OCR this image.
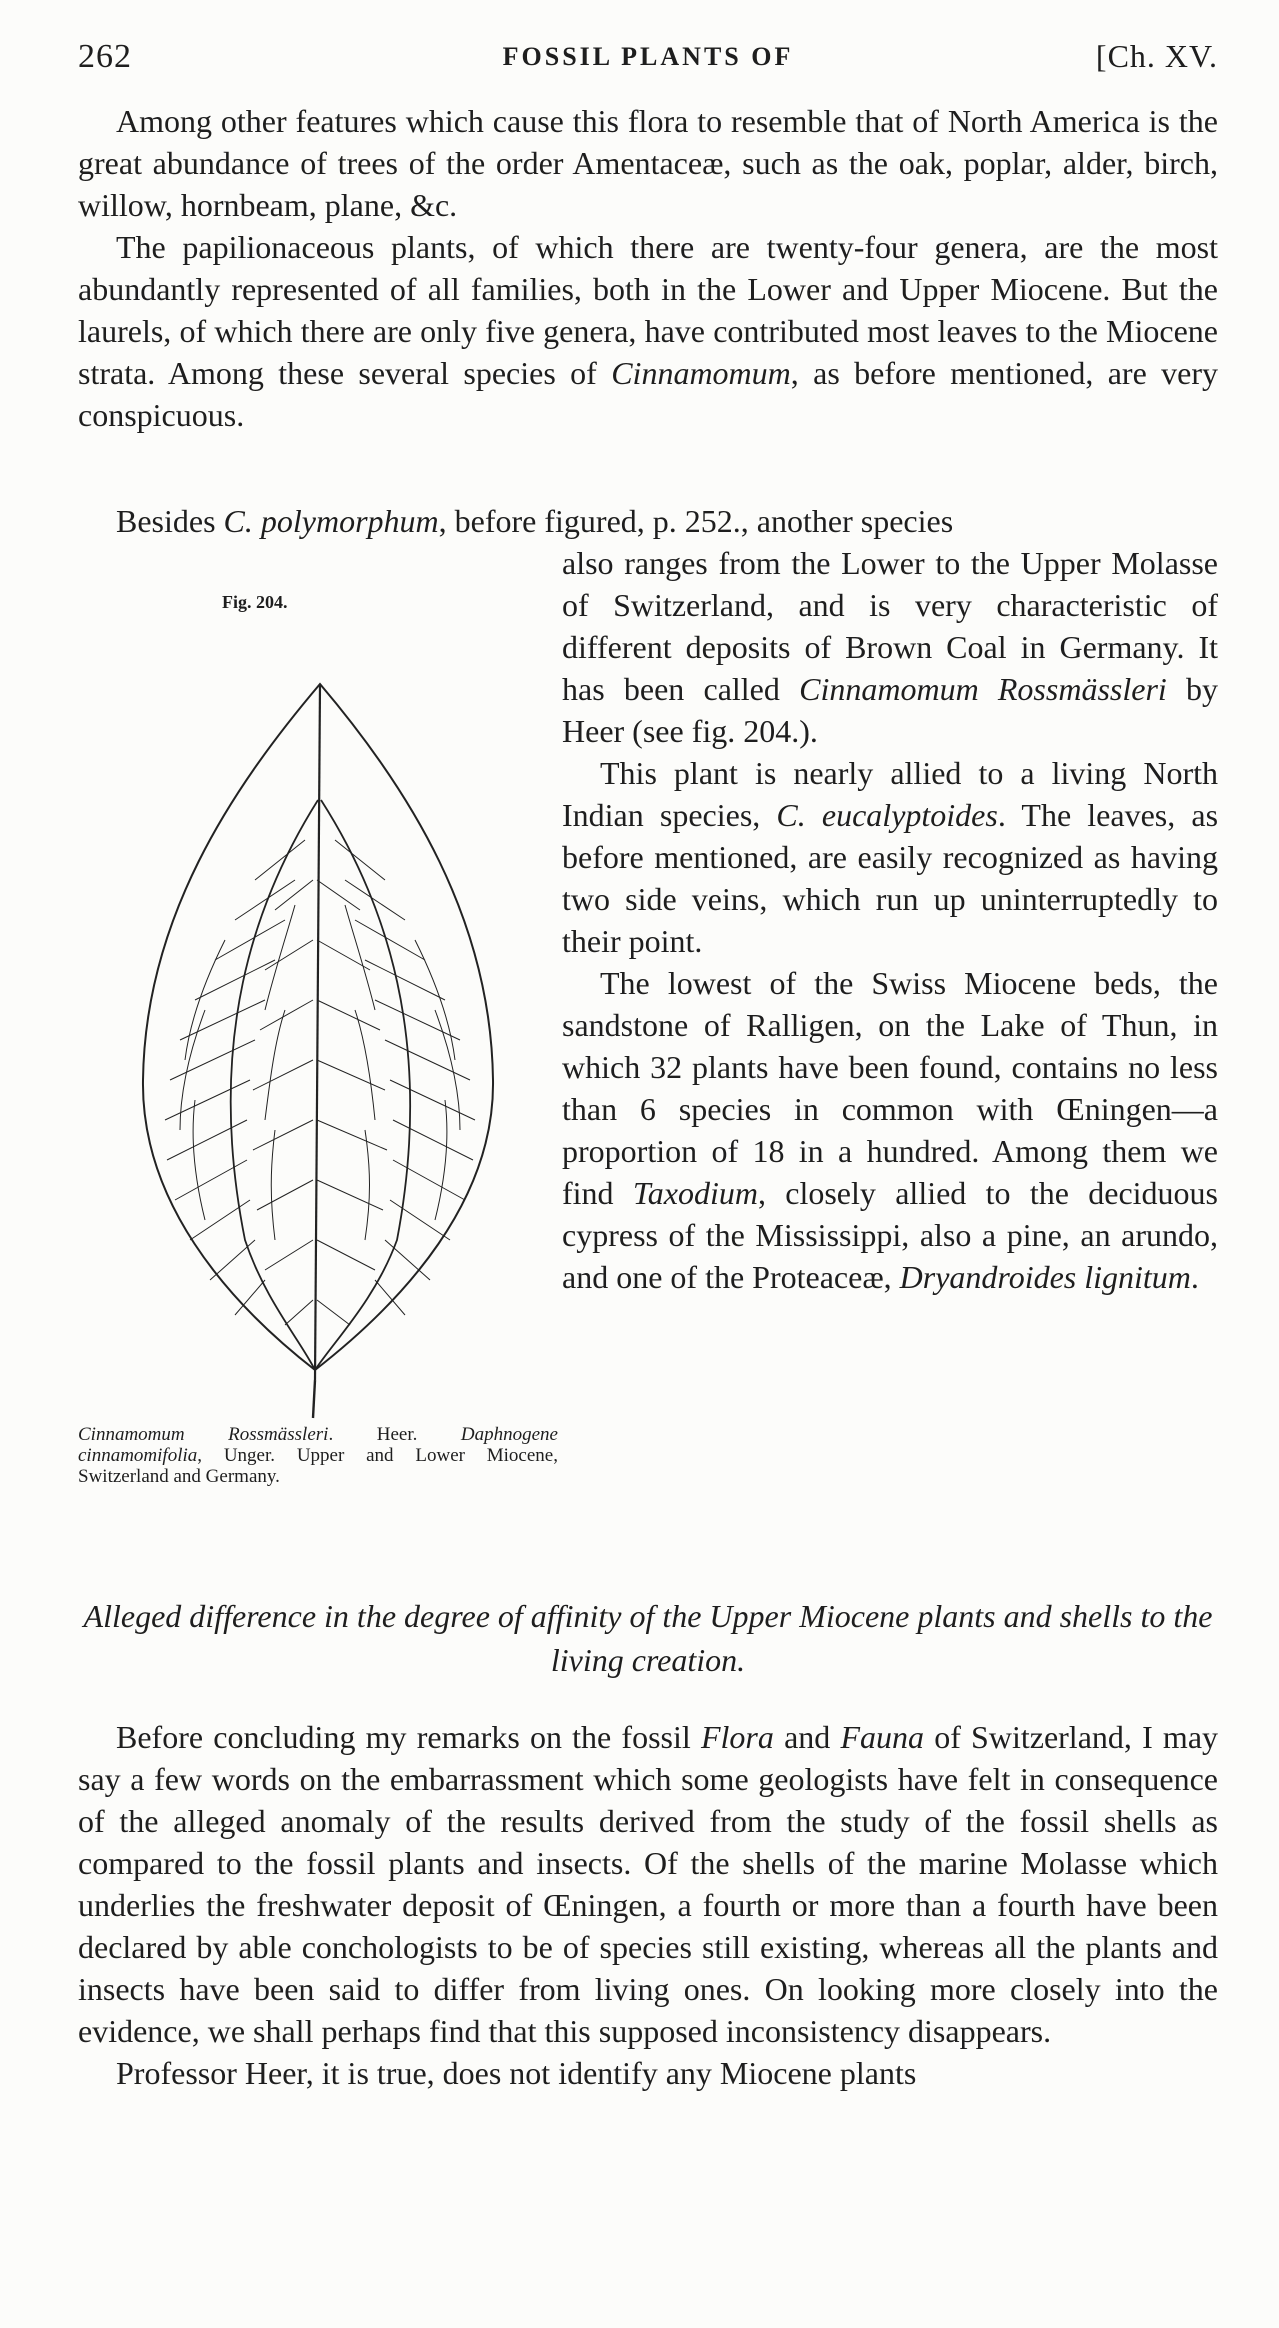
262	FOSSIL PLANTS OF	[Ch. XV.

Among other features which cause this flora to resemble that of North America is the great abundance of trees of the order Amentaceæ, such as the oak, poplar, alder, birch, willow, hornbeam, plane, &c.

The papilionaceous plants, of which there are twenty-four genera, are the most abundantly represented of all families, both in the Lower and Upper Miocene. But the laurels, of which there are only five genera, have contributed most leaves to the Miocene strata. Among these several species of Cinnamomum, as before mentioned, are very conspicuous.

Besides C. polymorphum, before figured, p. 252., another species

Fig. 204.
Cinnamomum Rossmässleri. Heer. Daphnogene cinnamomifolia, Unger. Upper and Lower Miocene, Switzerland and Germany.

also ranges from the Lower to the Upper Molasse of Switzerland, and is very characteristic of different deposits of Brown Coal in Germany. It has been called Cinnamomum Rossmässleri by Heer (see fig. 204.).

This plant is nearly allied to a living North Indian species, C. eucalyptoides. The leaves, as before mentioned, are easily recognized as having two side veins, which run up uninterruptedly to their point.

The lowest of the Swiss Miocene beds, the sandstone of Ralligen, on the Lake of Thun, in which 32 plants have been found, contains no less than 6 species in common with Œningen—a proportion of 18 in a hundred. Among them we find Taxodium, closely allied to the deciduous cypress of the Mississippi, also a pine, an arundo, and one of the Proteaceæ, Dryandroides lignitum.

Alleged difference in the degree of affinity of the Upper Miocene plants and shells to the living creation.

Before concluding my remarks on the fossil Flora and Fauna of Switzerland, I may say a few words on the embarrassment which some geologists have felt in consequence of the alleged anomaly of the results derived from the study of the fossil shells as compared to the fossil plants and insects. Of the shells of the marine Molasse which underlies the freshwater deposit of Œningen, a fourth or more than a fourth have been declared by able conchologists to be of species still existing, whereas all the plants and insects have been said to differ from living ones. On looking more closely into the evidence, we shall perhaps find that this supposed inconsistency disappears.

Professor Heer, it is true, does not identify any Miocene plants
